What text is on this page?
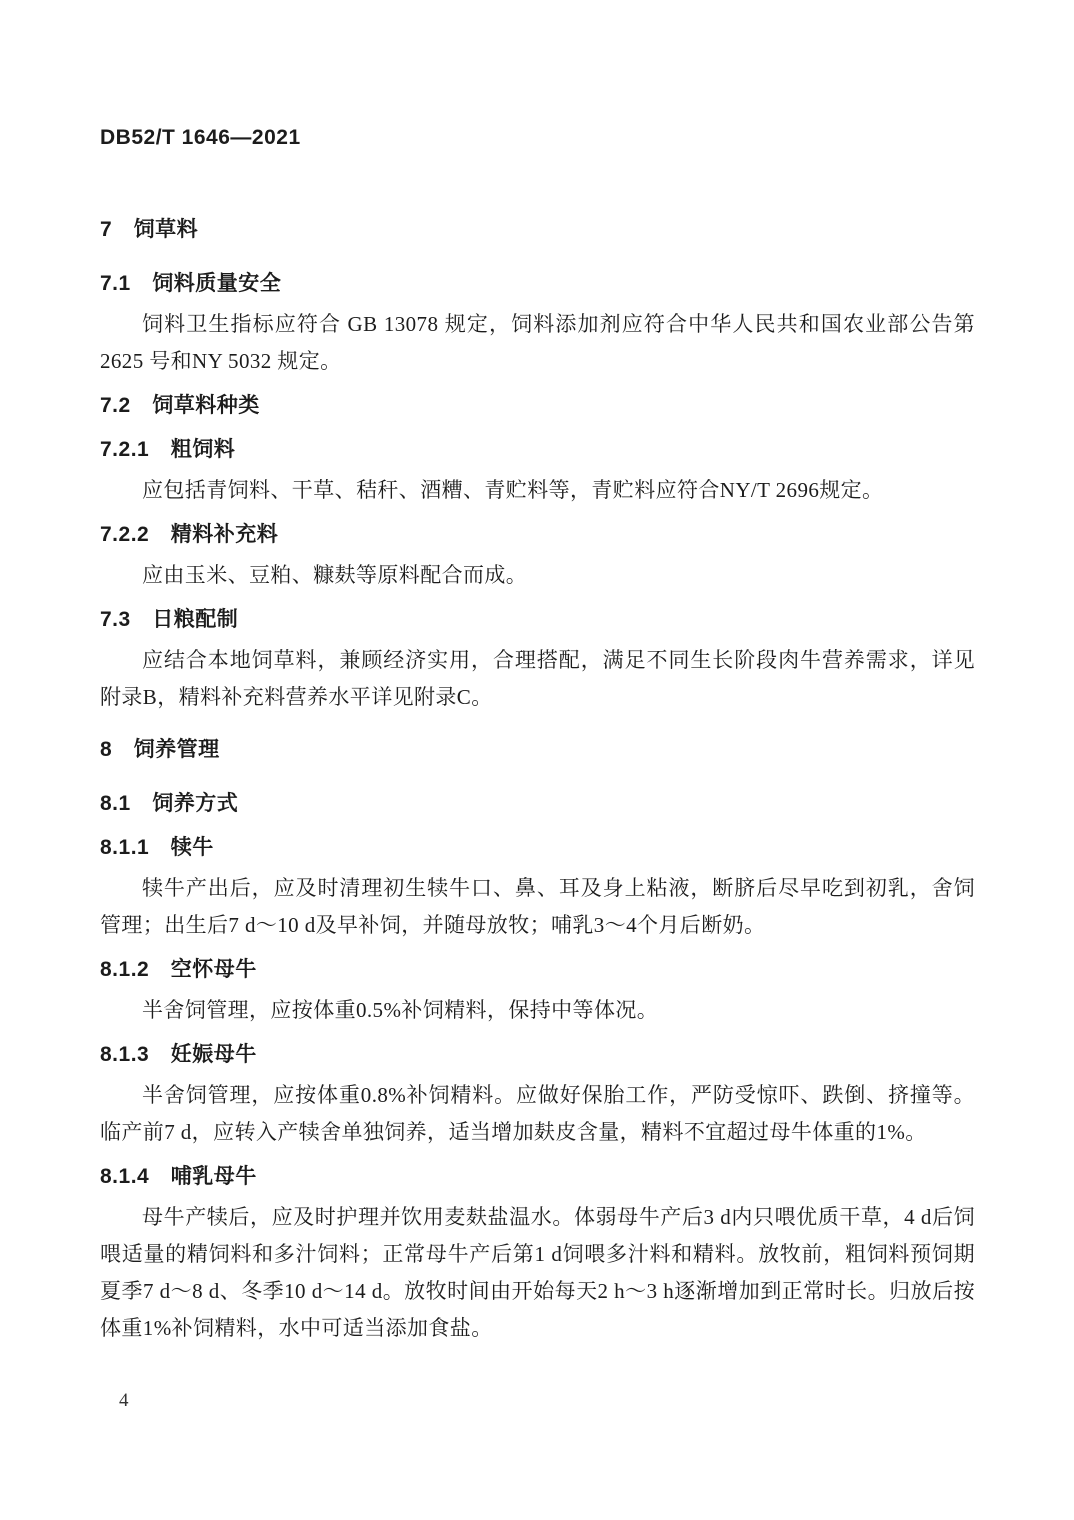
DB52/T 1646—2021
7　饲草料
7.1　饲料质量安全

饲料卫生指标应符合 GB 13078 规定，饲料添加剂应符合中华人民共和国农业部公告第 2625 号和NY 5032 规定。

7.2　饲草料种类
7.2.1　粗饲料

应包括青饲料、干草、秸秆、酒糟、青贮料等，青贮料应符合NY/T 2696规定。

7.2.2　精料补充料

应由玉米、豆粕、糠麸等原料配合而成。

7.3　日粮配制

应结合本地饲草料，兼顾经济实用，合理搭配，满足不同生长阶段肉牛营养需求，详见附录B，精料补充料营养水平详见附录C。

8　饲养管理
8.1　饲养方式
8.1.1　犊牛

犊牛产出后，应及时清理初生犊牛口、鼻、耳及身上粘液，断脐后尽早吃到初乳，舍饲管理；出生后7 d～10 d及早补饲，并随母放牧；哺乳3～4个月后断奶。

8.1.2　空怀母牛

半舍饲管理，应按体重0.5%补饲精料，保持中等体况。

8.1.3　妊娠母牛

半舍饲管理，应按体重0.8%补饲精料。应做好保胎工作，严防受惊吓、跌倒、挤撞等。临产前7 d，应转入产犊舍单独饲养，适当增加麸皮含量，精料不宜超过母牛体重的1%。

8.1.4　哺乳母牛

母牛产犊后，应及时护理并饮用麦麸盐温水。体弱母牛产后3 d内只喂优质干草，4 d后饲喂适量的精饲料和多汁饲料；正常母牛产后第1 d饲喂多汁料和精料。放牧前，粗饲料预饲期夏季7 d～8 d、冬季10 d～14 d。放牧时间由开始每天2 h～3 h逐渐增加到正常时长。归放后按体重1%补饲精料，水中可适当添加食盐。

4
